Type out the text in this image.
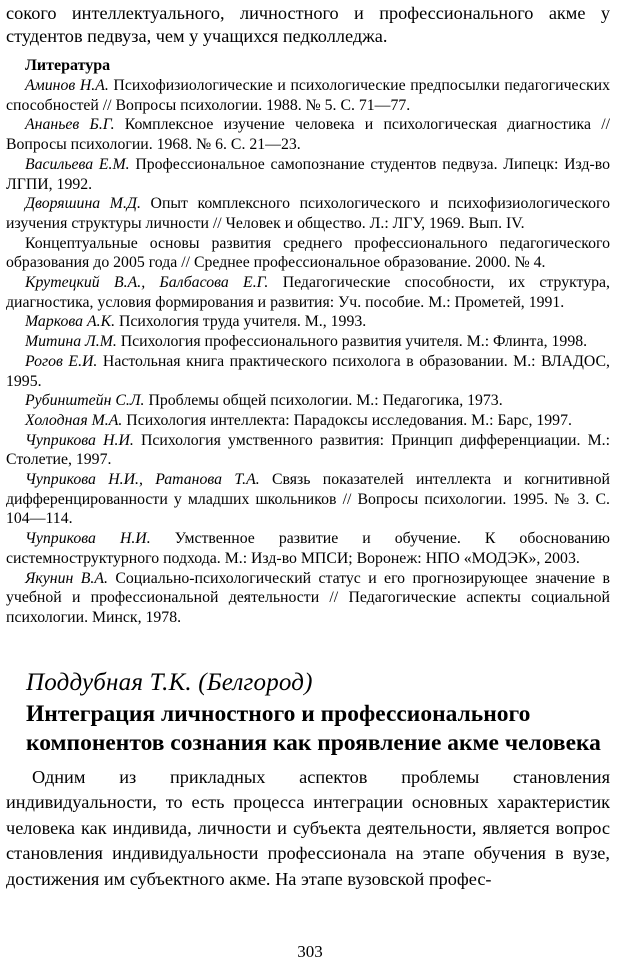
сокого интеллектуального, личностного и профессионального акме у студентов педвуза, чем у учащихся педколледжа.

Литература

Аминов Н.А. Психофизиологические и психологические предпосылки педагогических способностей // Вопросы психологии. 1988. № 5. С. 71—77.

Ананьев Б.Г. Комплексное изучение человека и психологическая диагностика // Вопросы психологии. 1968. № 6. С. 21—23.

Васильева Е.М. Профессиональное самопознание студентов педвуза. Липецк: Изд-во ЛГПИ, 1992.

Дворяшина М.Д. Опыт комплексного психологического и психофизиологического изучения структуры личности // Человек и общество. Л.: ЛГУ, 1969. Вып. IV.

Концептуальные основы развития среднего профессионального педагогического образования до 2005 года // Среднее профессиональное образование. 2000. № 4.

Крутецкий В.А., Балбасова Е.Г. Педагогические способности, их структура, диагностика, условия формирования и развития: Уч. пособие. М.: Прометей, 1991.

Маркова А.К. Психология труда учителя. М., 1993.

Митина Л.М. Психология профессионального развития учителя. М.: Флинта, 1998.

Рогов Е.И. Настольная книга практического психолога в образовании. М.: ВЛАДОС, 1995.

Рубинштейн С.Л. Проблемы общей психологии. М.: Педагогика, 1973.

Холодная М.А. Психология интеллекта: Парадоксы исследования. М.: Барс, 1997.

Чуприкова Н.И. Психология умственного развития: Принцип дифференциации. М.: Столетие, 1997.

Чуприкова Н.И., Ратанова Т.А. Связь показателей интеллекта и когнитивной дифференцированности у младших школьников // Вопросы психологии. 1995. № 3. С. 104—114.

Чуприкова Н.И. Умственное развитие и обучение. К обоснованию системноструктурного подхода. М.: Изд-во МПСИ; Воронеж: НПО «МОДЭК», 2003.

Якунин В.А. Социально-психологический статус и его прогнозирующее значение в учебной и профессиональной деятельности // Педагогические аспекты социальной психологии. Минск, 1978.

Поддубная Т.К. (Белгород)
Интеграция личностного и профессионального компонентов сознания как проявление акме человека

Одним из прикладных аспектов проблемы становления индивидуальности, то есть процесса интеграции основных характеристик человека как индивида, личности и субъекта деятельности, является вопрос становления индивидуальности профессионала на этапе обучения в вузе, достижения им субъектного акме. На этапе вузовской профес-

303
